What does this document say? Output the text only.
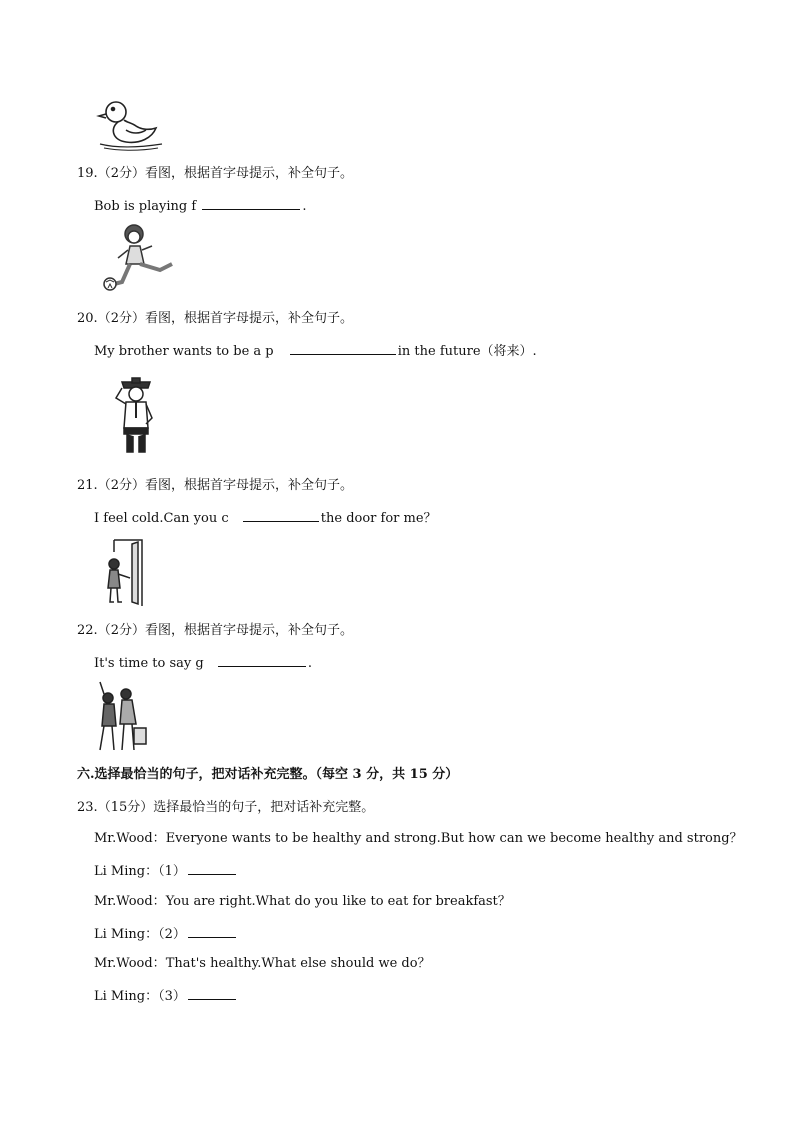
19.（2分）看图，根据首字母提示，补全句子。
Bob is playing f	.
20.（2分）看图，根据首字母提示，补全句子。
My brother wants to be a p	in the future（将来）.
21.（2分）看图，根据首字母提示，补全句子。
I feel cold.Can you c	the door for me？
22.（2分）看图，根据首字母提示，补全句子。
It's time to say g	.
六.选择最恰当的句子，把对话补充完整。（每空 3 分，共 15 分）
23.（15分）选择最恰当的句子，把对话补充完整。
Mr.Wood：Everyone wants to be healthy and strong.But how can we become healthy and strong？
Li Ming：（1）
Mr.Wood：You are right.What do you like to eat for breakfast？
Li Ming：（2）
Mr.Wood：That's healthy.What else should we do？
Li Ming：（3）
